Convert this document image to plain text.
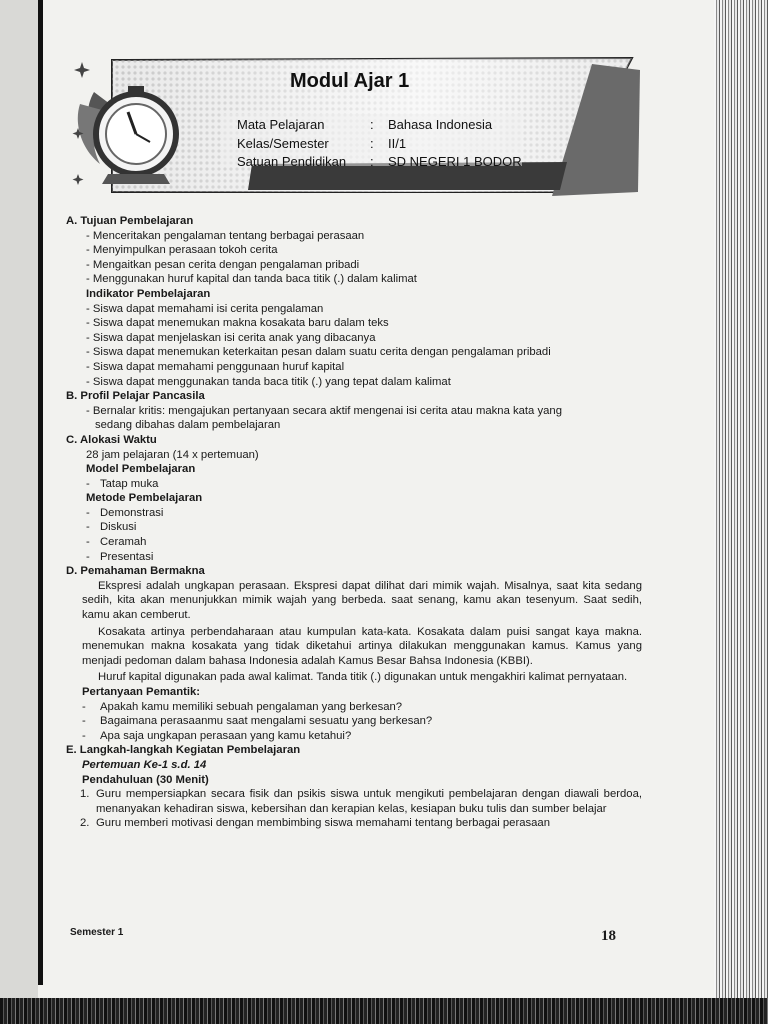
Modul Ajar 1
Mata Pelajaran	:	Bahasa Indonesia
Kelas/Semester	:	II/1
Satuan Pendidikan	:	SD NEGERI 1 BODOR
A. Tujuan Pembelajaran
- Menceritakan pengalaman tentang berbagai perasaan
- Menyimpulkan perasaan tokoh cerita
- Mengaitkan pesan cerita dengan pengalaman pribadi
- Menggunakan huruf kapital dan tanda baca titik (.) dalam kalimat
Indikator Pembelajaran
- Siswa dapat memahami isi cerita pengalaman
- Siswa dapat menemukan makna kosakata baru dalam teks
- Siswa dapat menjelaskan isi cerita anak yang dibacanya
- Siswa dapat menemukan keterkaitan pesan dalam suatu cerita dengan pengalaman pribadi
- Siswa dapat memahami penggunaan huruf kapital
- Siswa dapat menggunakan tanda baca titik (.) yang tepat dalam kalimat
B. Profil Pelajar Pancasila
- Bernalar kritis: mengajukan pertanyaan secara aktif mengenai isi cerita atau makna kata yang
sedang dibahas dalam pembelajaran
C. Alokasi Waktu
28 jam pelajaran (14 x pertemuan)
Model Pembelajaran
- Tatap muka
Metode Pembelajaran
- Demonstrasi
- Diskusi
- Ceramah
- Presentasi
D. Pemahaman Bermakna
Ekspresi adalah ungkapan perasaan. Ekspresi dapat dilihat dari mimik wajah. Misalnya, saat kita sedang sedih, kita akan menunjukkan mimik wajah yang berbeda. saat senang, kamu akan tesenyum. Saat sedih, kamu akan cemberut.
Kosakata artinya perbendaharaan atau kumpulan kata-kata. Kosakata dalam puisi sangat kaya makna. menemukan makna kosakata yang tidak diketahui artinya dilakukan menggunakan kamus. Kamus yang menjadi pedoman dalam bahasa Indonesia adalah Kamus Besar Bahsa Indonesia (KBBI).
Huruf kapital digunakan pada awal kalimat. Tanda titik (.) digunakan untuk mengakhiri kalimat pernyataan.
Pertanyaan Pemantik:
-	Apakah kamu memiliki sebuah pengalaman yang berkesan?
-	Bagaimana perasaanmu saat mengalami sesuatu yang berkesan?
-	Apa saja ungkapan perasaan yang kamu ketahui?
E. Langkah-langkah Kegiatan Pembelajaran
Pertemuan Ke-1 s.d. 14
Pendahuluan (30 Menit)
1. Guru mempersiapkan secara fisik dan psikis siswa untuk mengikuti pembelajaran dengan diawali berdoa, menanyakan kehadiran siswa, kebersihan dan kerapian kelas, kesiapan buku tulis dan sumber belajar
2. Guru memberi motivasi dengan membimbing siswa memahami tentang berbagai perasaan
Semester 1	18
